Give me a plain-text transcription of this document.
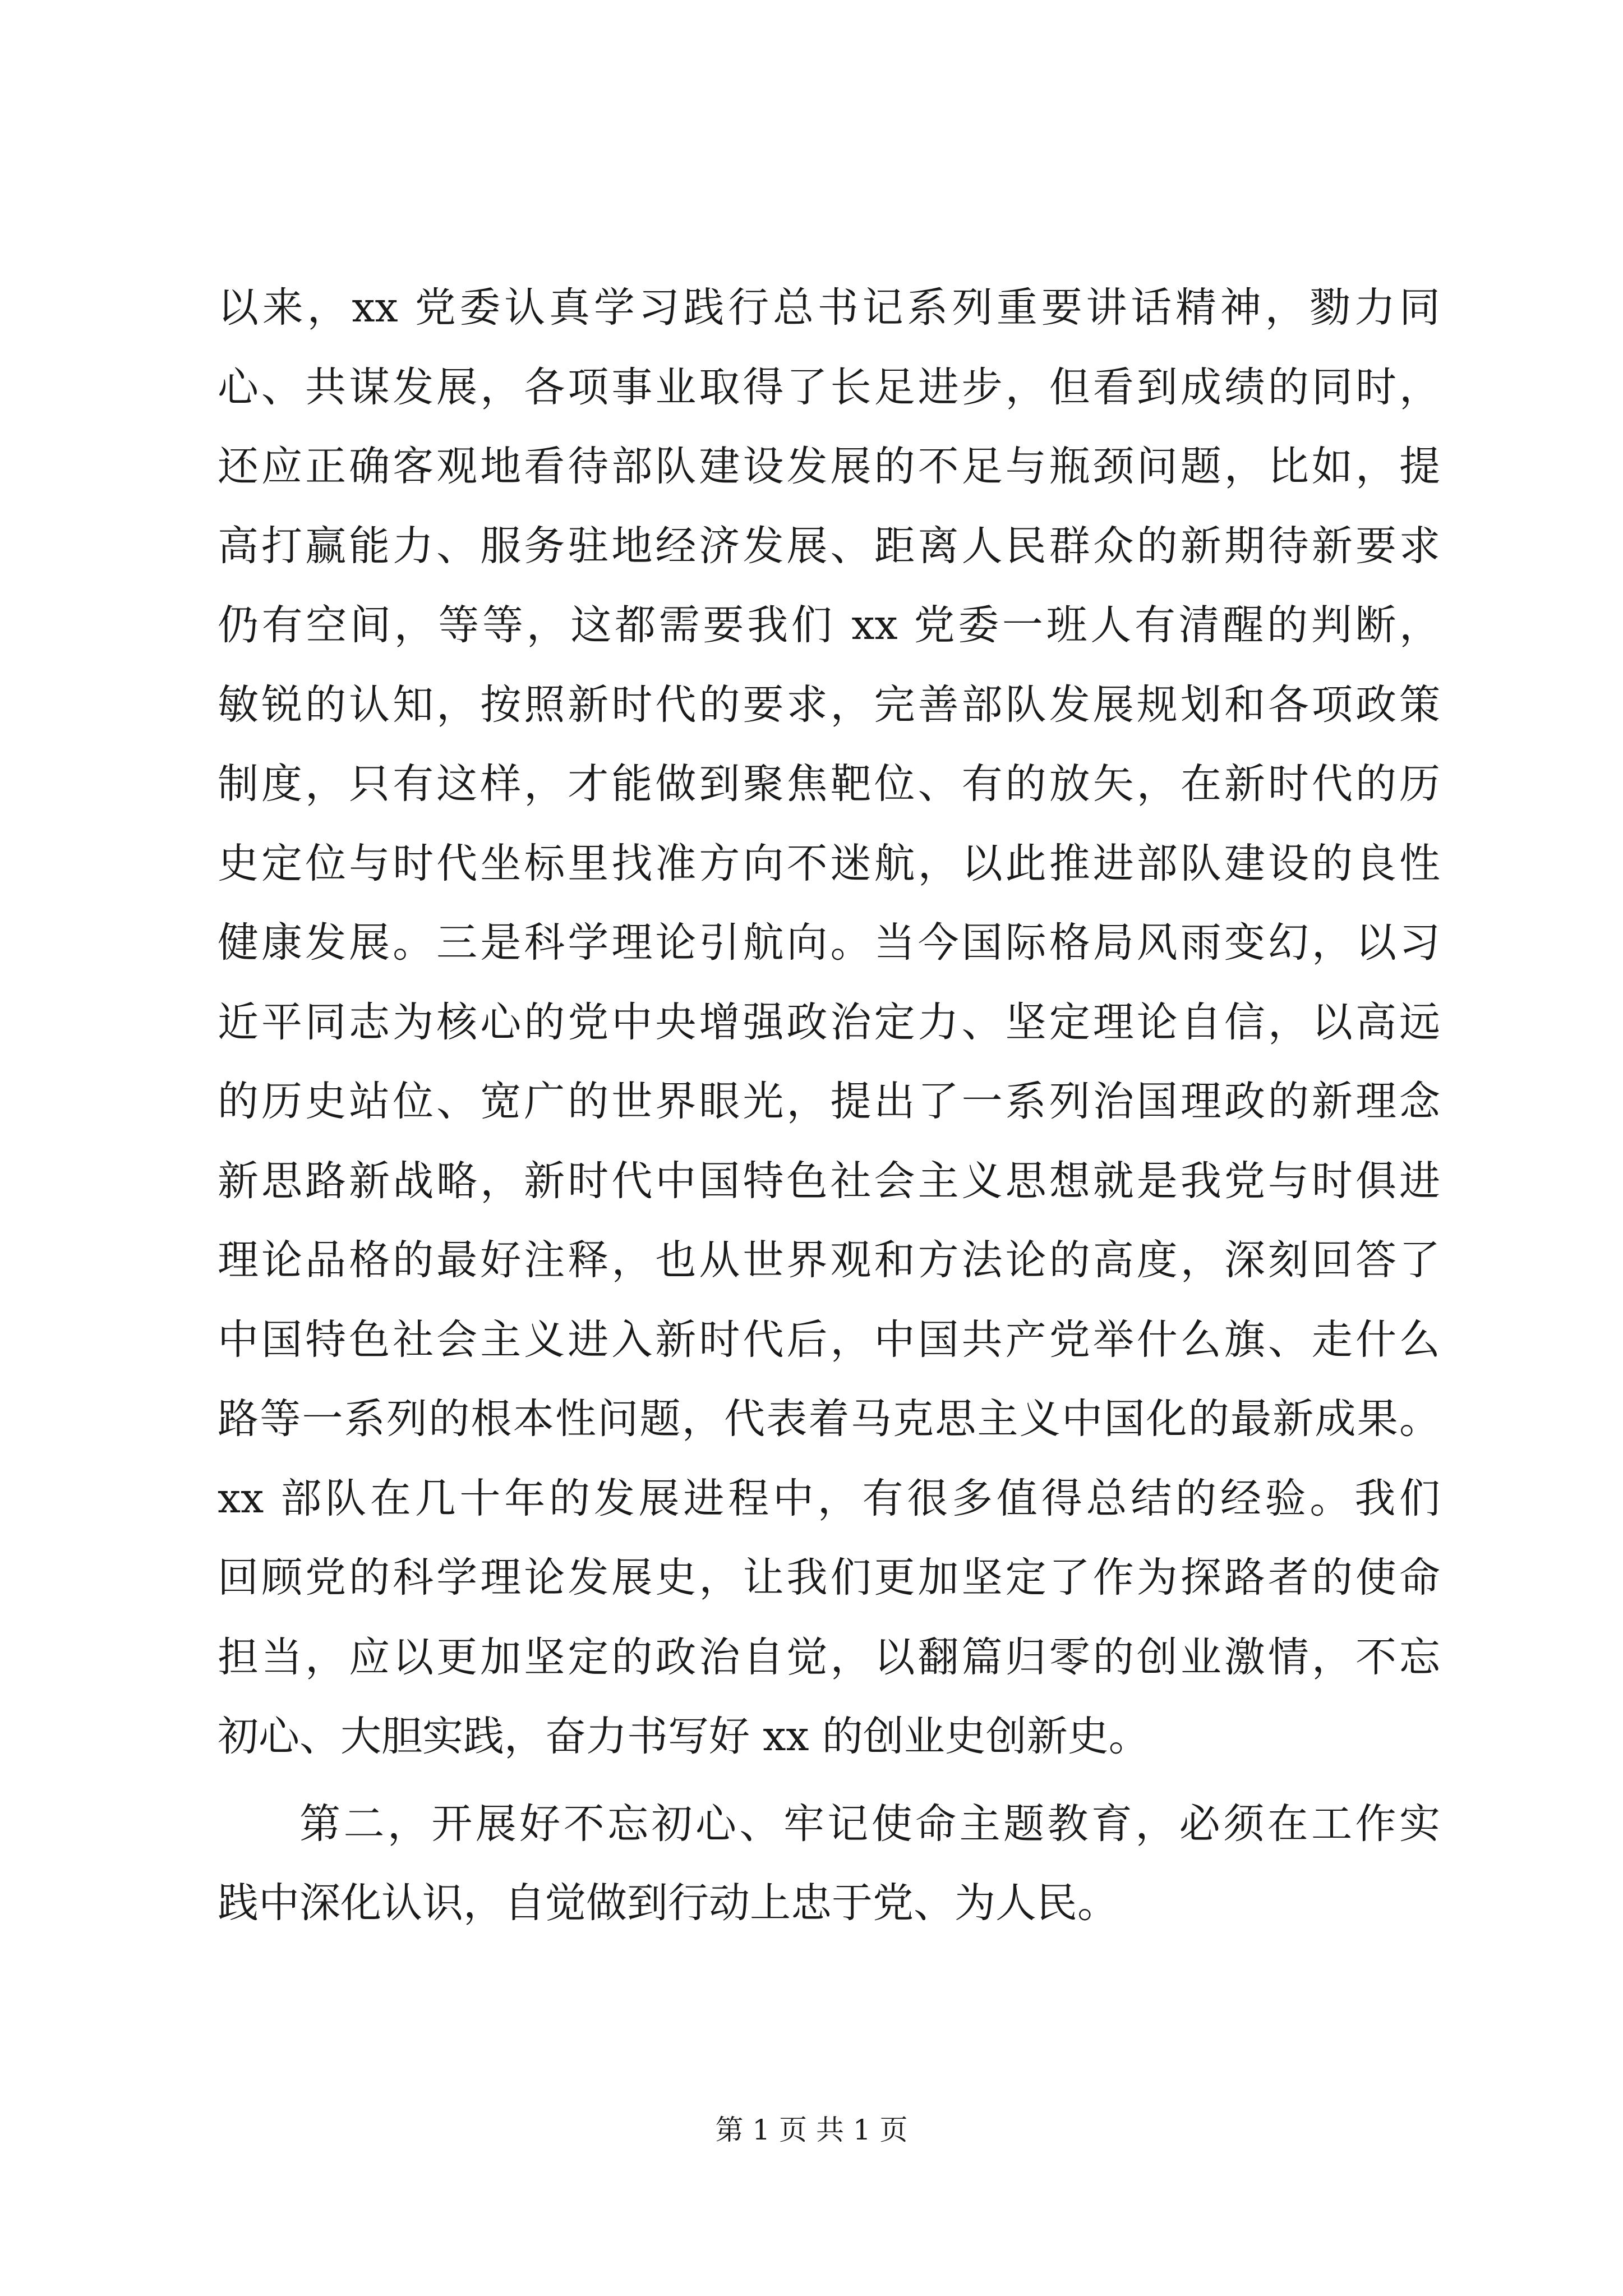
以来，xx 党委认真学习践行总书记系列重要讲话精神，勠力同
心、共谋发展，各项事业取得了长足进步，但看到成绩的同时，
还应正确客观地看待部队建设发展的不足与瓶颈问题，比如，提
高打赢能力、服务驻地经济发展、距离人民群众的新期待新要求
仍有空间，等等，这都需要我们 xx 党委一班人有清醒的判断，
敏锐的认知，按照新时代的要求，完善部队发展规划和各项政策
制度，只有这样，才能做到聚焦靶位、有的放矢，在新时代的历
史定位与时代坐标里找准方向不迷航，以此推进部队建设的良性
健康发展。三是科学理论引航向。当今国际格局风雨变幻，以习
近平同志为核心的党中央增强政治定力、坚定理论自信，以高远
的历史站位、宽广的世界眼光，提出了一系列治国理政的新理念
新思路新战略，新时代中国特色社会主义思想就是我党与时俱进
理论品格的最好注释，也从世界观和方法论的高度，深刻回答了
中国特色社会主义进入新时代后，中国共产党举什么旗、走什么
路等一系列的根本性问题，代表着马克思主义中国化的最新成果。
xx 部队在几十年的发展进程中，有很多值得总结的经验。我们
回顾党的科学理论发展史，让我们更加坚定了作为探路者的使命
担当，应以更加坚定的政治自觉，以翻篇归零的创业激情，不忘
初心、大胆实践，奋力书写好 xx 的创业史创新史。
第二，开展好不忘初心、牢记使命主题教育，必须在工作实
践中深化认识，自觉做到行动上忠于党、为人民。
第 1 页 共 1 页
